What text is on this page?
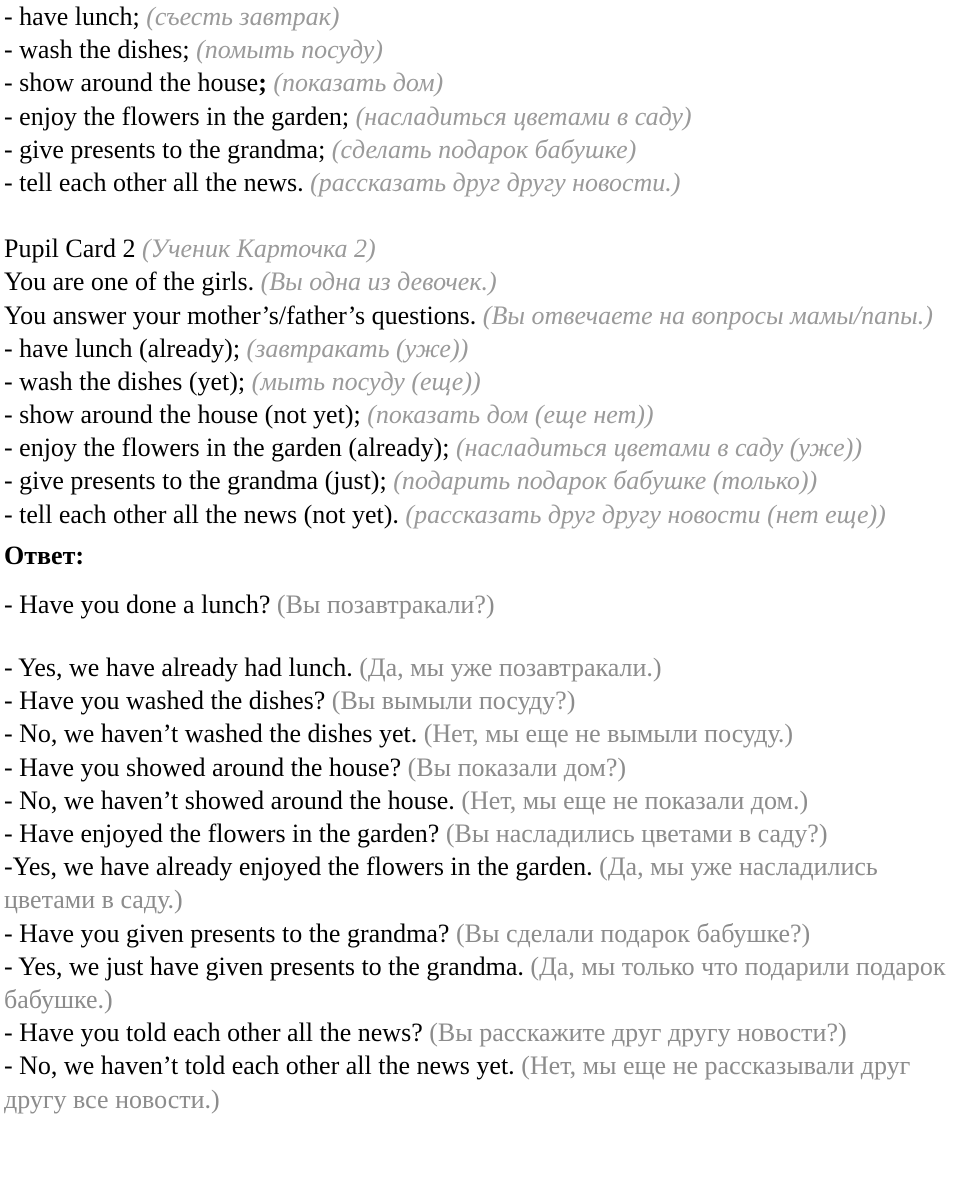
- have lunch; (съесть завтрак)
- wash the dishes; (помыть посуду)
- show around the house; (показать дом)
- enjoy the flowers in the garden; (насладиться цветами в саду)
- give presents to the grandma; (сделать подарок бабушке)
- tell each other all the news. (рассказать друг другу новости.)
Pupil Card 2 (Ученик Карточка 2)
You are one of the girls. (Вы одна из девочек.)
You answer your mother’s/father’s questions. (Вы отвечаете на вопросы мамы/папы.)
- have lunch (already); (завтракать (уже))
- wash the dishes (yet); (мыть посуду (еще))
- show around the house (not yet); (показать дом (еще нет))
- enjoy the flowers in the garden (already); (насладиться цветами в саду (уже))
- give presents to the grandma (just); (подарить подарок бабушке (только))
- tell each other all the news (not yet). (рассказать друг другу новости (нет еще))
Ответ:
- Have you done a lunch? (Вы позавтракали?)
- Yes, we have already had lunch. (Да, мы уже позавтракали.)
- Have you washed the dishes? (Вы вымыли посуду?)
- No, we haven’t washed the dishes yet. (Нет, мы еще не вымыли посуду.)
- Have you showed around the house? (Вы показали дом?)
- No, we haven’t showed around the house. (Нет, мы еще не показали дом.)
- Have enjoyed the flowers in the garden? (Вы насладились цветами в саду?)
-Yes, we have already enjoyed the flowers in the garden. (Да, мы уже насладились цветами в саду.)
- Have you given presents to the grandma? (Вы сделали подарок бабушке?)
- Yes, we just have given presents to the grandma. (Да, мы только что подарили подарок бабушке.)
- Have you told each other all the news? (Вы расскажите друг другу новости?)
- No, we haven’t told each other all the news yet. (Нет, мы еще не рассказывали друг другу все новости.)
